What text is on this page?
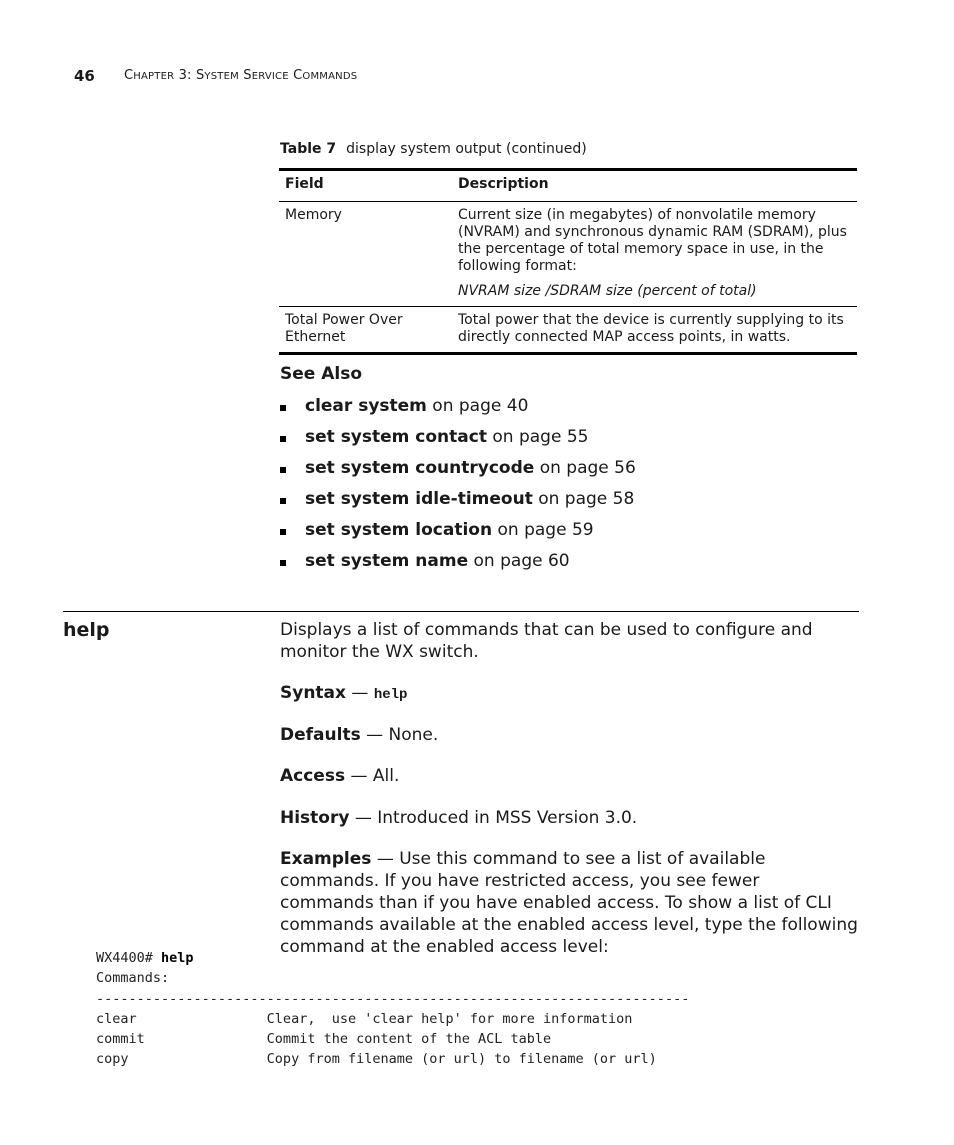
46 CHAPTER 3: SYSTEM SERVICE COMMANDS
Table 7 display system output (continued)
Field	Description
Memory	Current size (in megabytes) of nonvolatile memory (NVRAM) and synchronous dynamic RAM (SDRAM), plus the percentage of total memory space in use, in the following format:
NVRAM size /SDRAM size (percent of total)

Total Power Over Ethernet	Total power that the device is currently supplying to its directly connected MAP access points, in watts.
See Also
clear system on page 40
set system contact on page 55
set system countrycode on page 56
set system idle-timeout on page 58
set system location on page 59
set system name on page 60
help	Displays a list of commands that can be used to configure and monitor the WX switch.
Syntax — help
Defaults — None.
Access — All.
History — Introduced in MSS Version 3.0.
Examples — Use this command to see a list of available commands. If you have restricted access, you see fewer commands than if you have enabled access. To show a list of CLI commands available at the enabled access level, type the following command at the enabled access level:
WX4400# help
Commands:
-------------------------------------------------------------------------
clear                Clear,  use 'clear help' for more information
commit               Commit the content of the ACL table
copy                 Copy from filename (or url) to filename (or url)
